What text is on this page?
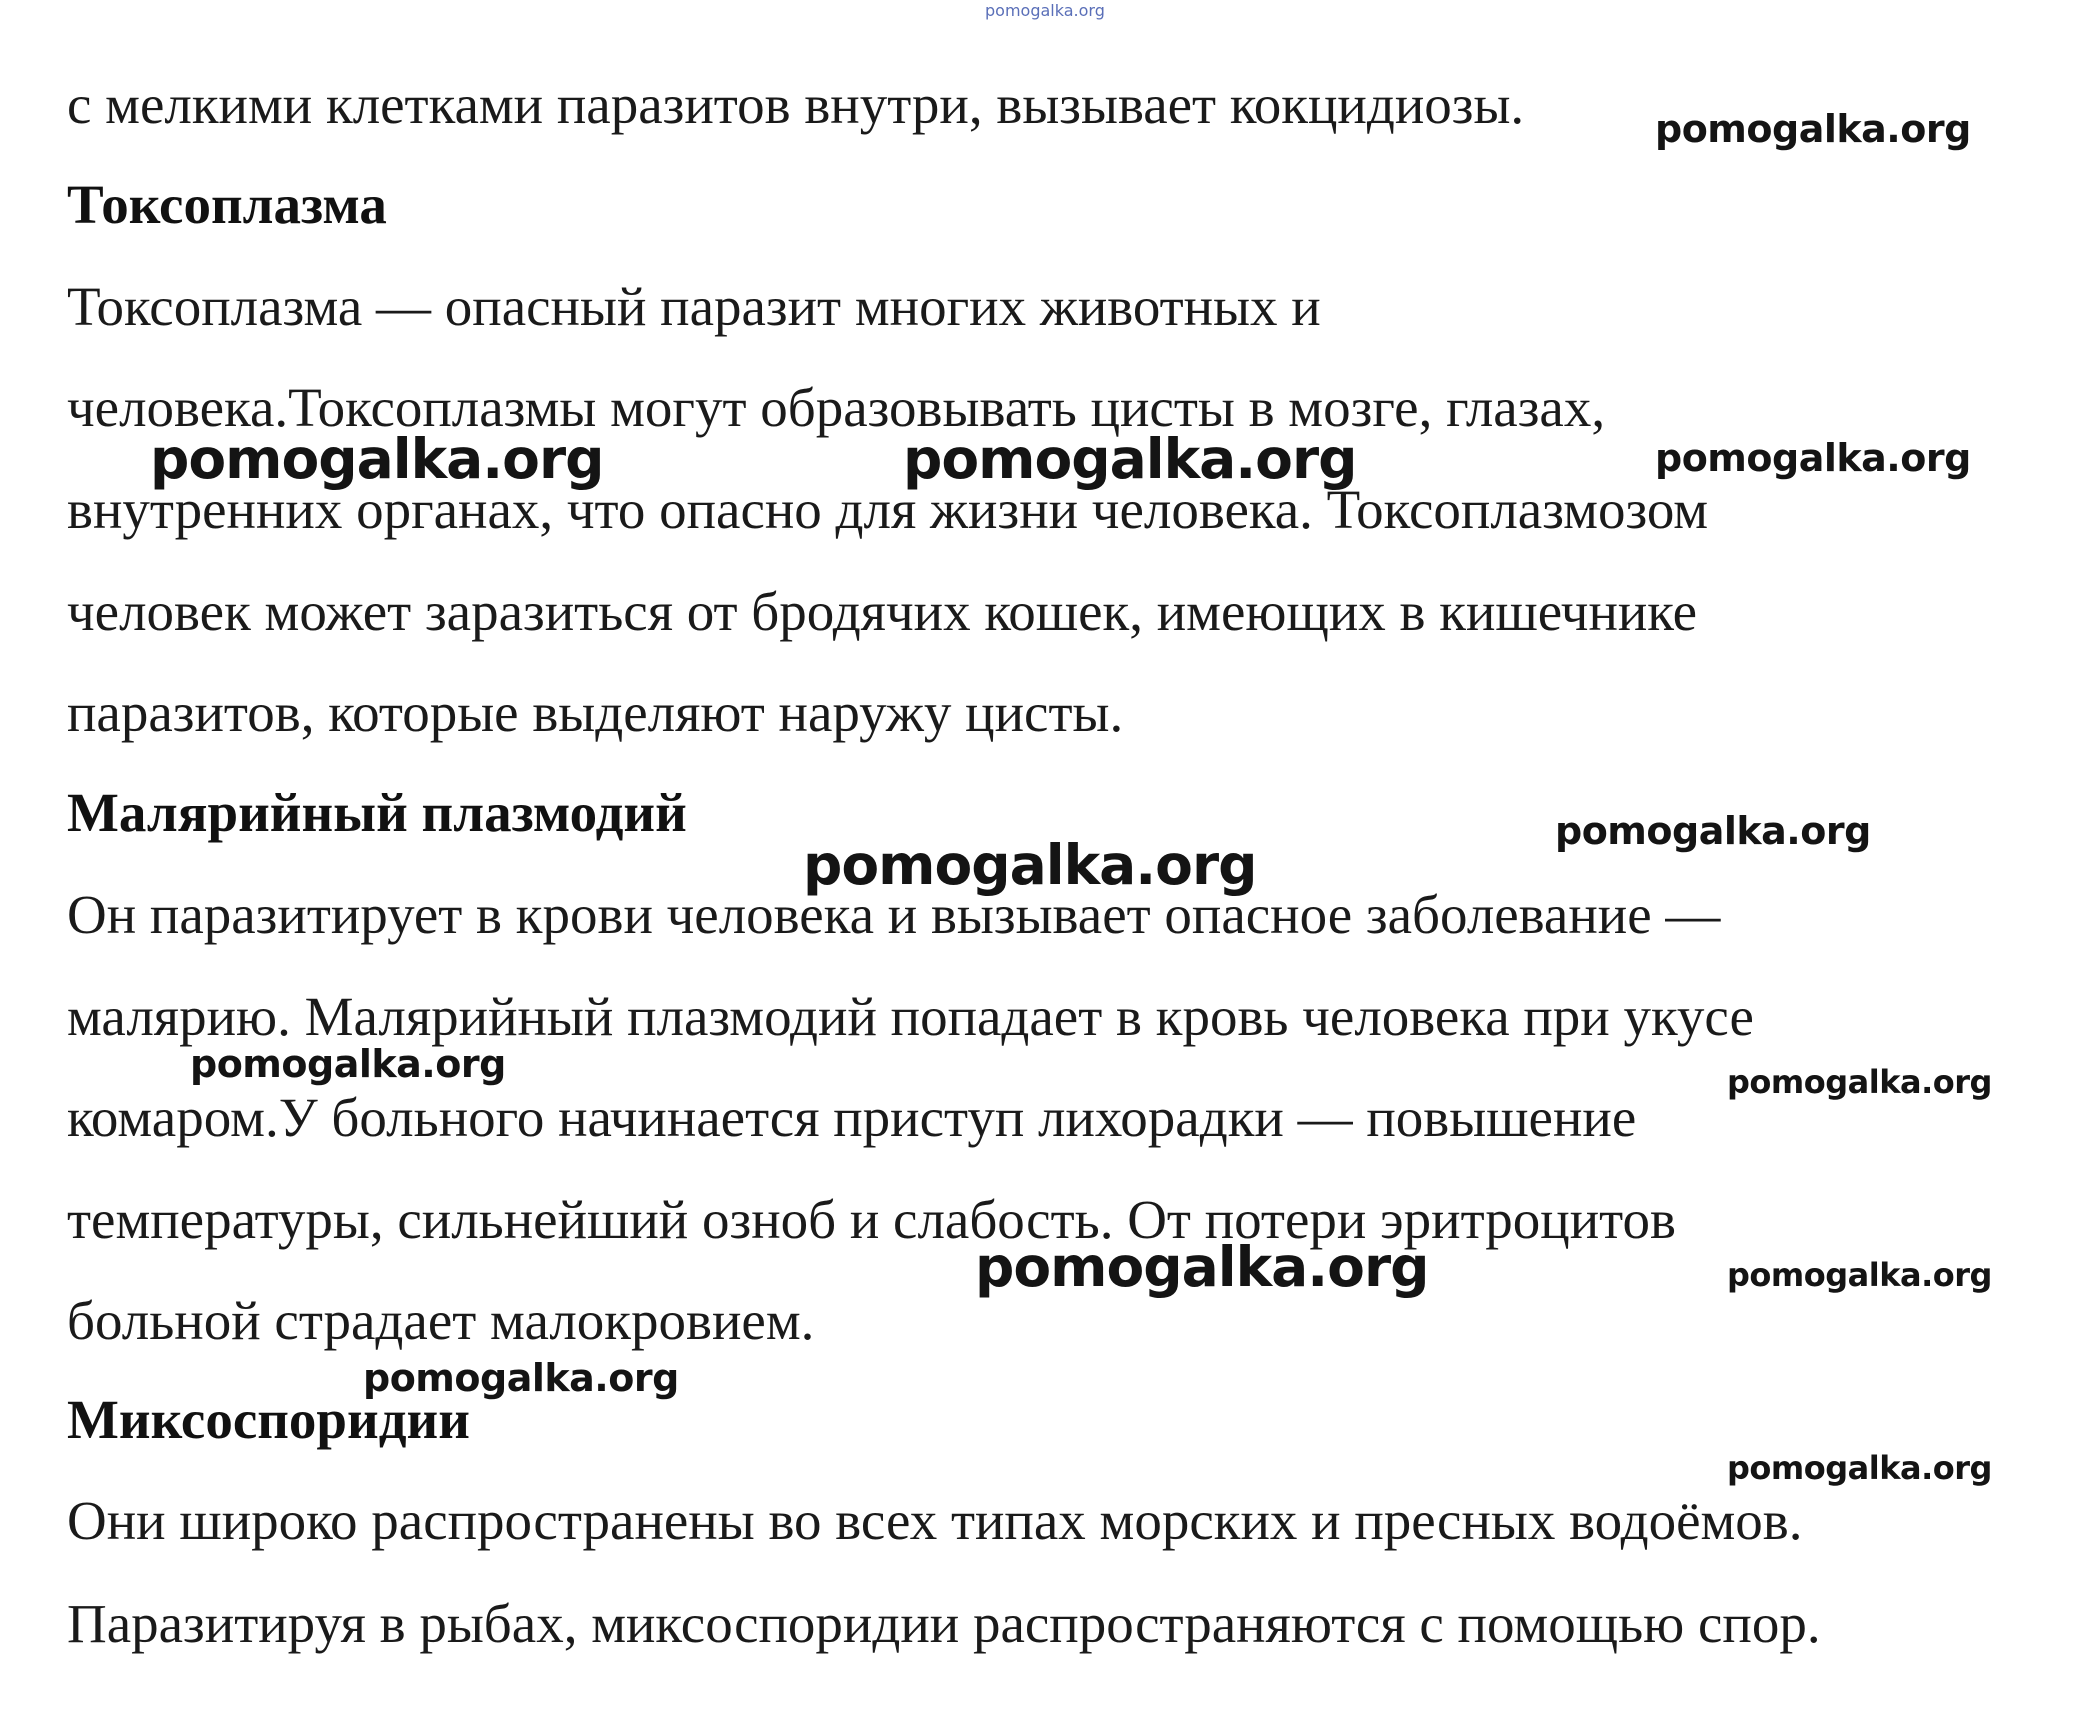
с мелкими клетками паразитов внутри, вызывает кокцидиозы.
Токсоплазма
Токсоплазма — опасный паразит многих животных и
человека.Токсоплазмы могут образовывать цисты в мозге, глазах,
внутренних органах, что опасно для жизни человека. Токсоплазмозом
человек может заразиться от бродячих кошек, имеющих в кишечнике
паразитов, которые выделяют наружу цисты.
Малярийный плазмодий
Он паразитирует в крови человека и вызывает опасное заболевание —
малярию. Малярийный плазмодий попадает в кровь человека при укусе
комаром.У больного начинается приступ лихорадки — повышение
температуры, сильнейший озноб и слабость. От потери эритроцитов
больной страдает малокровием.
Миксоспоридии
Они широко распространены во всех типах морских и пресных водоёмов.
Паразитируя в рыбах, миксоспоридии распространяются с помощью спор.
pomogalka.org
pomogalka.org
pomogalka.org	pomogalka.org	pomogalka.org
pomogalka.org
pomogalka.org
pomogalka.org	pomogalka.org
pomogalka.org	pomogalka.org
pomogalka.org
pomogalka.org
